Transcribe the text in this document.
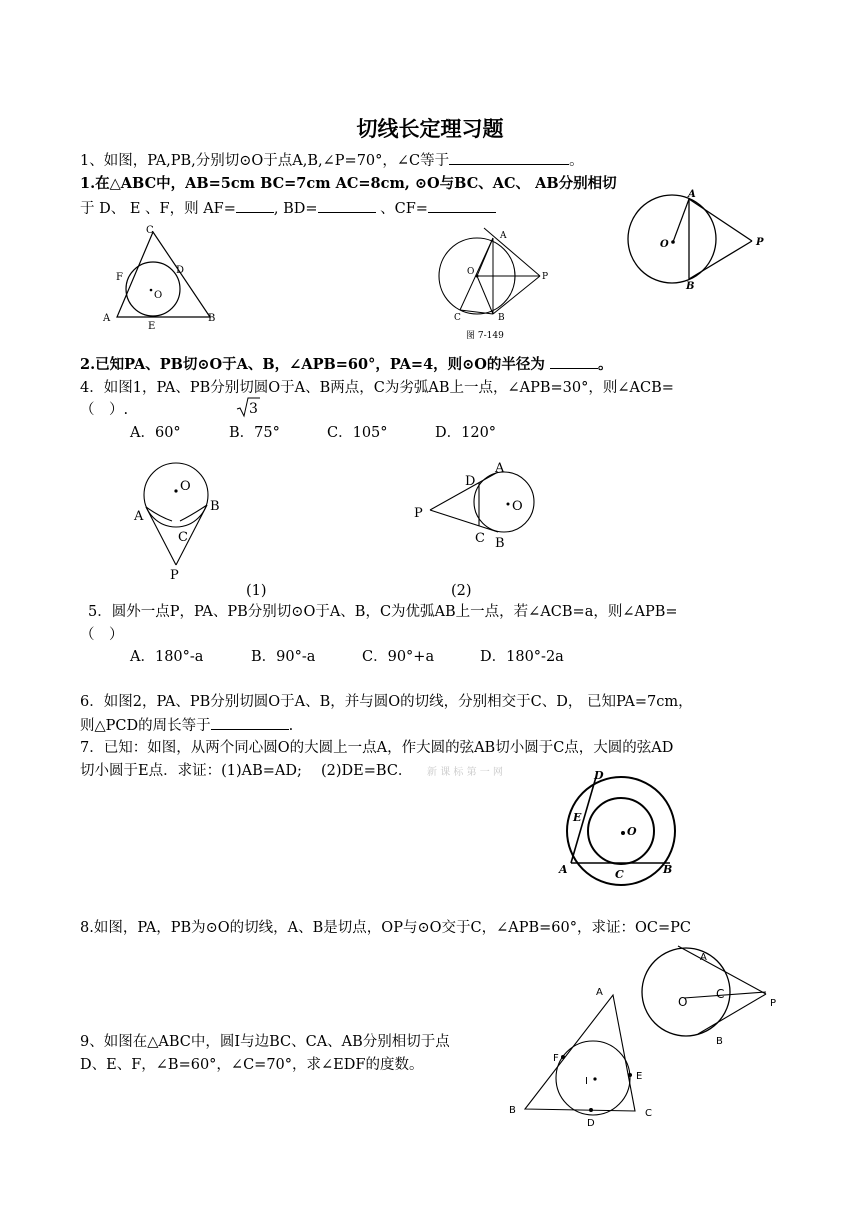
切线长定理习题
1、如图，PA,PB,分别切⊙O于点A,B,∠P=70°，∠C等于	。
1.在△ABC中，AB=5cm BC=7cm AC=8cm, ⊙O与BC、AC、 AB分别相切
于 D、 E 、F，则 AF=	, BD=	、CF=
C
D
F
O
A	B
E
A
O	P
C	B
图 7-149
A
O	P
B
2.已知PA、PB切⊙O于A、B，∠APB=60°，PA=4，则⊙O的半径为	。
4．如图1，PA、PB分别切圆O于A、B两点，C为劣弧AB上一点，∠APB=30°，则∠ACB=
（　）.	3
A．60°	B．75°	C．105°	D．120°
O
A
B
C
P
(1)
A
D
O
P
C B
(2)
5．圆外一点P，PA、PB分别切⊙O于A、B，C为优弧AB上一点，若∠ACB=a，则∠APB=
（　）
A．180°-a	B．90°-a	C．90°+a	D．180°-2a
6．如图2，PA、PB分别切圆O于A、B，并与圆O的切线，分别相交于C、D， 已知PA=7cm，
则△PCD的周长等于	.
7．已知：如图，从两个同心圆O的大圆上一点A，作大圆的弦AB切小圆于C点，大圆的弦AD
切小圆于E点．求证：(1)AB=AD;　 (2)DE=BC． 新 课 标 第 一 网	D
E
O
A	C	B
8.如图，PA，PB为⊙O的切线，A、B是切点，OP与⊙O交于C，∠APB=60°，求证：OC=PC
A
O
C
P
B
9、如图在△ABC中，圆I与边BC、CA、AB分别相切于点
D、E、F，∠B=60°，∠C=70°，求∠EDF的度数。
A
F
I	E
B	C
D
